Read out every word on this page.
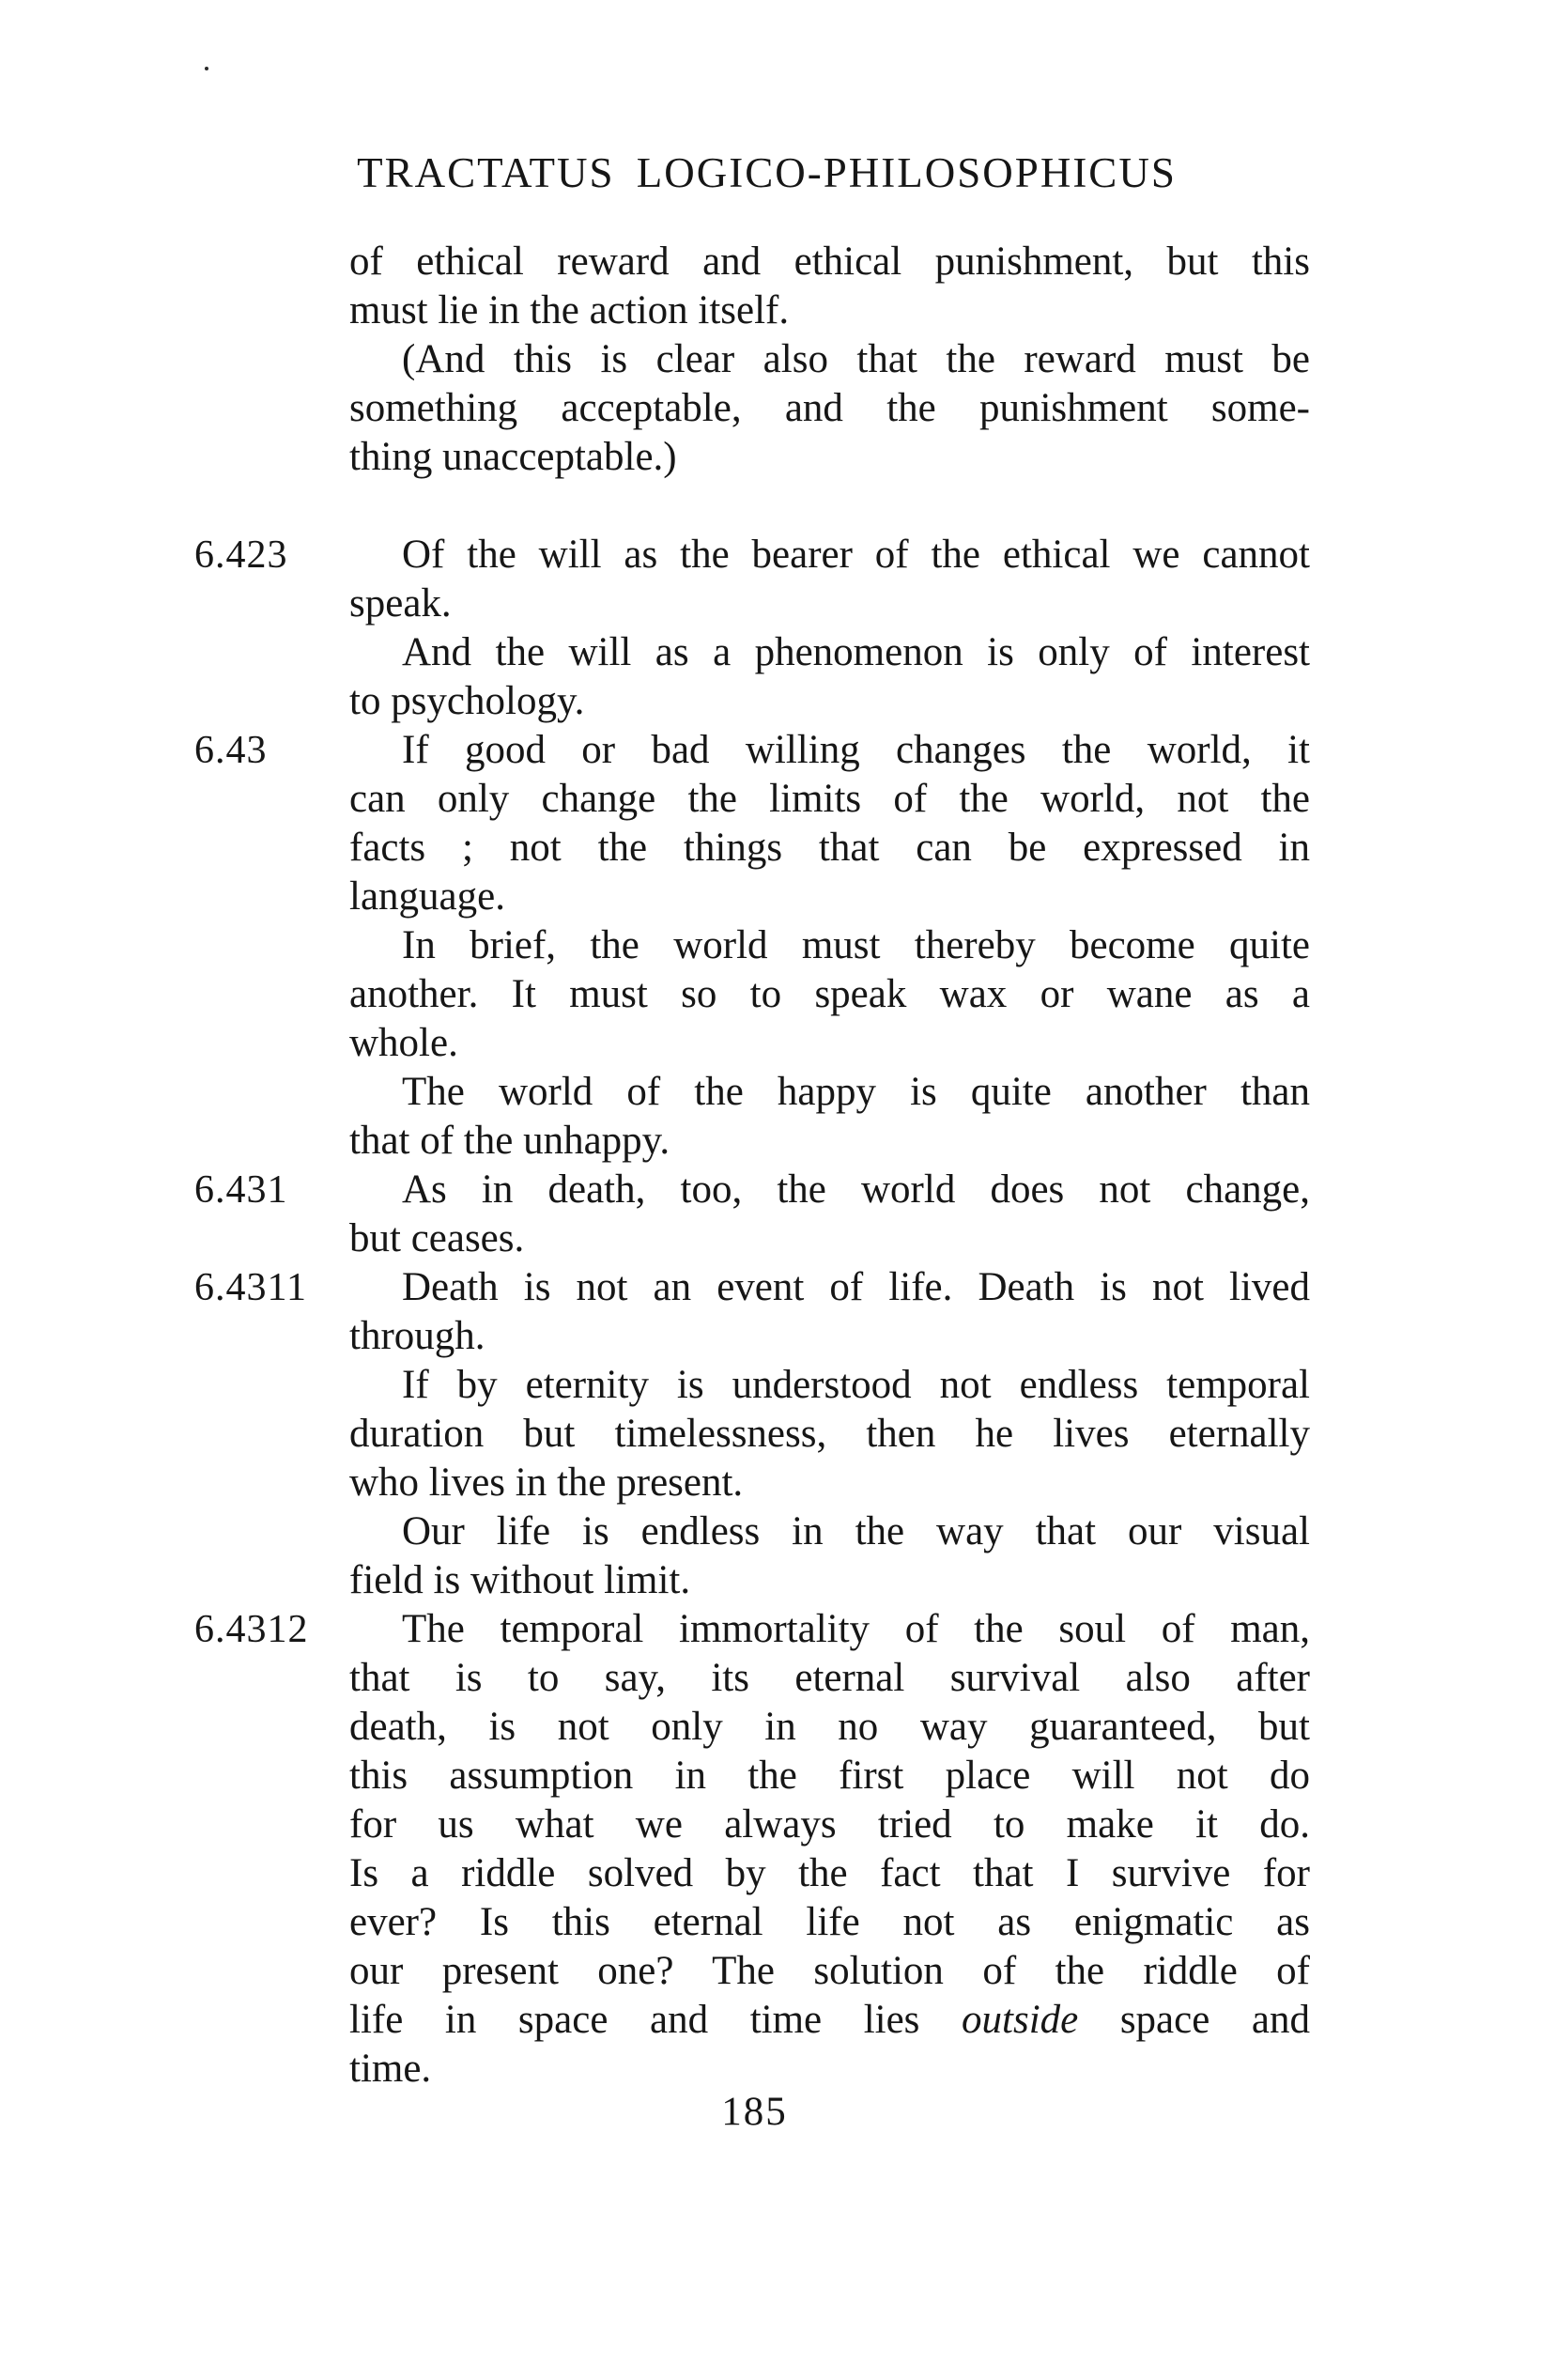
TRACTATUS LOGICO-PHILOSOPHICUS
of ethical reward and ethical punishment, but this
must lie in the action itself.
(And this is clear also that the reward must be
something acceptable, and the punishment some-
thing unacceptable.)
6.423	Of the will as the bearer of the ethical we cannot
speak.
And the will as a phenomenon is only of interest
to psychology.
6.43	If good or bad willing changes the world, it
can only change the limits of the world, not the
facts ; not the things that can be expressed in
language.
In brief, the world must thereby become quite
another. It must so to speak wax or wane as a
whole.
The world of the happy is quite another than
that of the unhappy.
6.431	As in death, too, the world does not change,
but ceases.
6.4311 Death is not an event of life. Death is not lived
through.
If by eternity is understood not endless temporal
duration but timelessness, then he lives eternally
who lives in the present.
Our life is endless in the way that our visual
field is without limit.
6.4312 The temporal immortality of the soul of man,
that is to say, its eternal survival also after
death, is not only in no way guaranteed, but
this assumption in the first place will not do
for us what we always tried to make it do.
Is a riddle solved by the fact that I survive for
ever? Is this eternal life not as enigmatic as
our present one? The solution of the riddle of
life in space and time lies outside space and
time.
185
